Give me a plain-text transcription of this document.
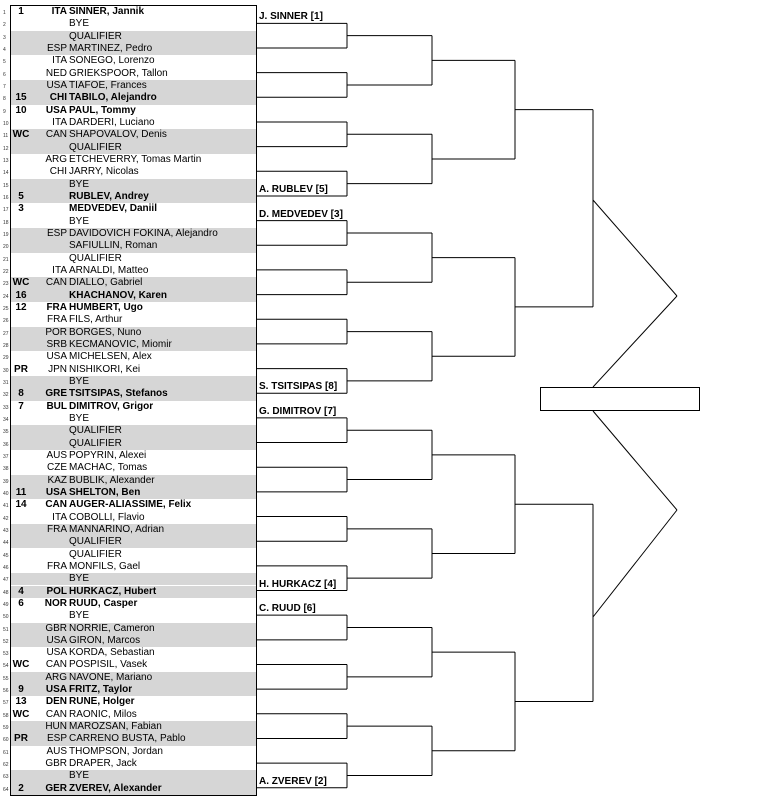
1	1	ITA SINNER, Jannik
2	BYE
3	QUALIFIER
4	ESP MARTINEZ, Pedro
5	ITA SONEGO, Lorenzo
6	NED GRIEKSPOOR, Tallon
7	USA TIAFOE, Frances
8 15	CHI TABILO, Alejandro
9 10	USA PAUL, Tommy
10	ITA DARDERI, Luciano
11 WC	CAN SHAPOVALOV, Denis
12	QUALIFIER
13	ARG ETCHEVERRY, Tomas Martin
14	CHI JARRY, Nicolas
15	BYE
16 5	RUBLEV, Andrey
17 3	MEDVEDEV, Daniil
18	BYE
19	ESP DAVIDOVICH FOKINA, Alejandro
20	SAFIULLIN, Roman
21	QUALIFIER
22	ITA ARNALDI, Matteo
23 WC	CAN DIALLO, Gabriel
24 16	KHACHANOV, Karen
25 12	FRA HUMBERT, Ugo
26	FRA FILS, Arthur
27	POR BORGES, Nuno
28	SRB KECMANOVIC, Miomir
29	USA MICHELSEN, Alex
30 PR	JPN NISHIKORI, Kei
31	BYE
32 8	GRE TSITSIPAS, Stefanos
33 7	BUL DIMITROV, Grigor
34	BYE
35	QUALIFIER
36	QUALIFIER
37	AUS POPYRIN, Alexei
38	CZE MACHAC, Tomas
39	KAZ BUBLIK, Alexander
40 11	USA SHELTON, Ben
41 14	CAN AUGER-ALIASSIME, Felix
42	ITA COBOLLI, Flavio
43	FRA MANNARINO, Adrian
44	QUALIFIER
45	QUALIFIER
46	FRA MONFILS, Gael
47	BYE
48 4	POL HURKACZ, Hubert
49 6	NOR RUUD, Casper
50	BYE
51	GBR NORRIE, Cameron
52	USA GIRON, Marcos
53	USA KORDA, Sebastian
54 WC	CAN POSPISIL, Vasek
55	ARG NAVONE, Mariano
56 9	USA FRITZ, Taylor
57 13	DEN RUNE, Holger
58 WC	CAN RAONIC, Milos
59	HUN MAROZSAN, Fabian
60 PR	ESP CARRENO BUSTA, Pablo
61	AUS THOMPSON, Jordan
62	GBR DRAPER, Jack
63	BYE
64 2	GER ZVEREV, Alexander
J. SINNER [1]
A. RUBLEV [5]
D. MEDVEDEV [3]
S. TSITSIPAS [8]
G. DIMITROV [7]
H. HURKACZ [4]
C. RUUD [6]
A. ZVEREV [2]
